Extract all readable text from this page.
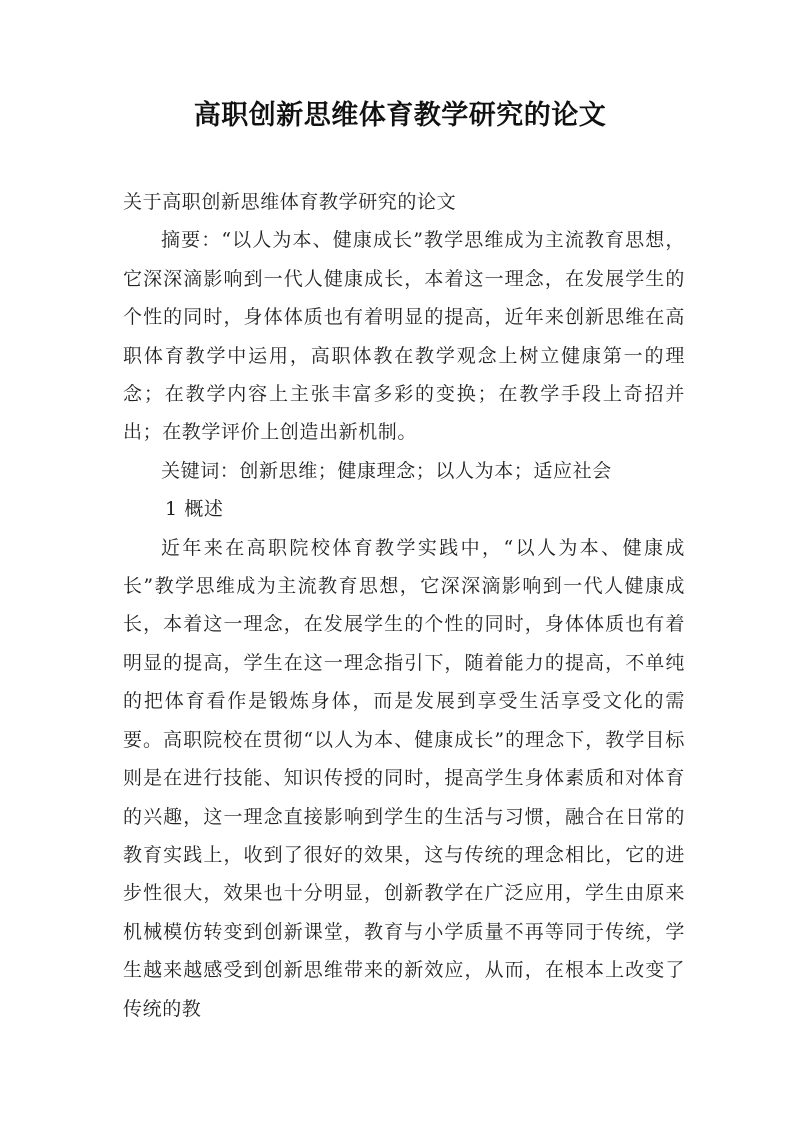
高职创新思维体育教学研究的论文

关于高职创新思维体育教学研究的论文

摘要：“以人为本、健康成长”教学思维成为主流教育思想，它深深滴影响到一代人健康成长，本着这一理念，在发展学生的个性的同时，身体体质也有着明显的提高，近年来创新思维在高职体育教学中运用，高职体教在教学观念上树立健康第一的理念；在教学内容上主张丰富多彩的变换；在教学手段上奇招并出；在教学评价上创造出新机制。

关键词：创新思维；健康理念；以人为本；适应社会

1 概述

近年来在高职院校体育教学实践中，“以人为本、健康成长”教学思维成为主流教育思想，它深深滴影响到一代人健康成长，本着这一理念，在发展学生的个性的同时，身体体质也有着明显的提高，学生在这一理念指引下，随着能力的提高，不单纯的把体育看作是锻炼身体，而是发展到享受生活享受文化的需要。高职院校在贯彻“以人为本、健康成长”的理念下，教学目标则是在进行技能、知识传授的同时，提高学生身体素质和对体育的兴趣，这一理念直接影响到学生的生活与习惯，融合在日常的教育实践上，收到了很好的效果，这与传统的理念相比，它的进步性很大，效果也十分明显，创新教学在广泛应用，学生由原来机械模仿转变到创新课堂，教育与小学质量不再等同于传统，学生越来越感受到创新思维带来的新效应，从而，在根本上改变了传统的教
